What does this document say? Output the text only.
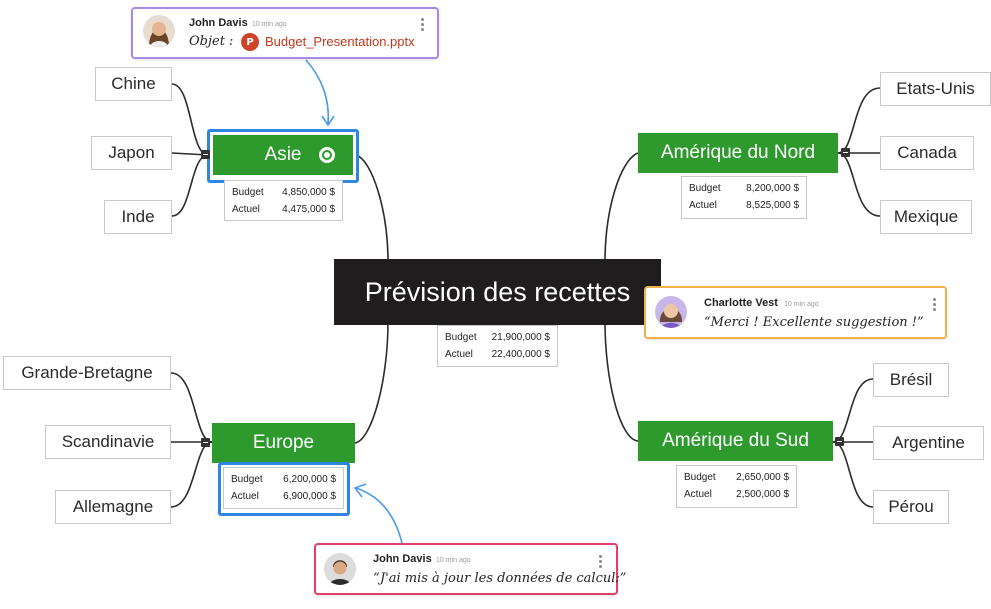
Prévision des recettes
Budget 21,900,000 $
Actuel 22,400,000 $
Asie
Budget 4,850,000 $
Actuel 4,475,000 $
Chine
Japon
Inde
Amérique du Nord
Budget	8,200,000 $
Actuel	8,525,000 $
Etats-Unis
Canada
Mexique
Europe
Budget 6,200,000 $
Actuel 6,900,000 $
Grande-Bretagne
Scandinavie
Allemagne
Amérique du Sud
Budget 2,650,000 $
Actuel 2,500,000 $
Brésil
Argentine
Pérou
John Davis 10 min ago
Objet :	P Budget_Presentation.pptx
Charlotte Vest 10 min ago
“Merci ! Excellente suggestion !”
John Davis 10 min ago
“J'ai mis à jour les données de calcul:”
